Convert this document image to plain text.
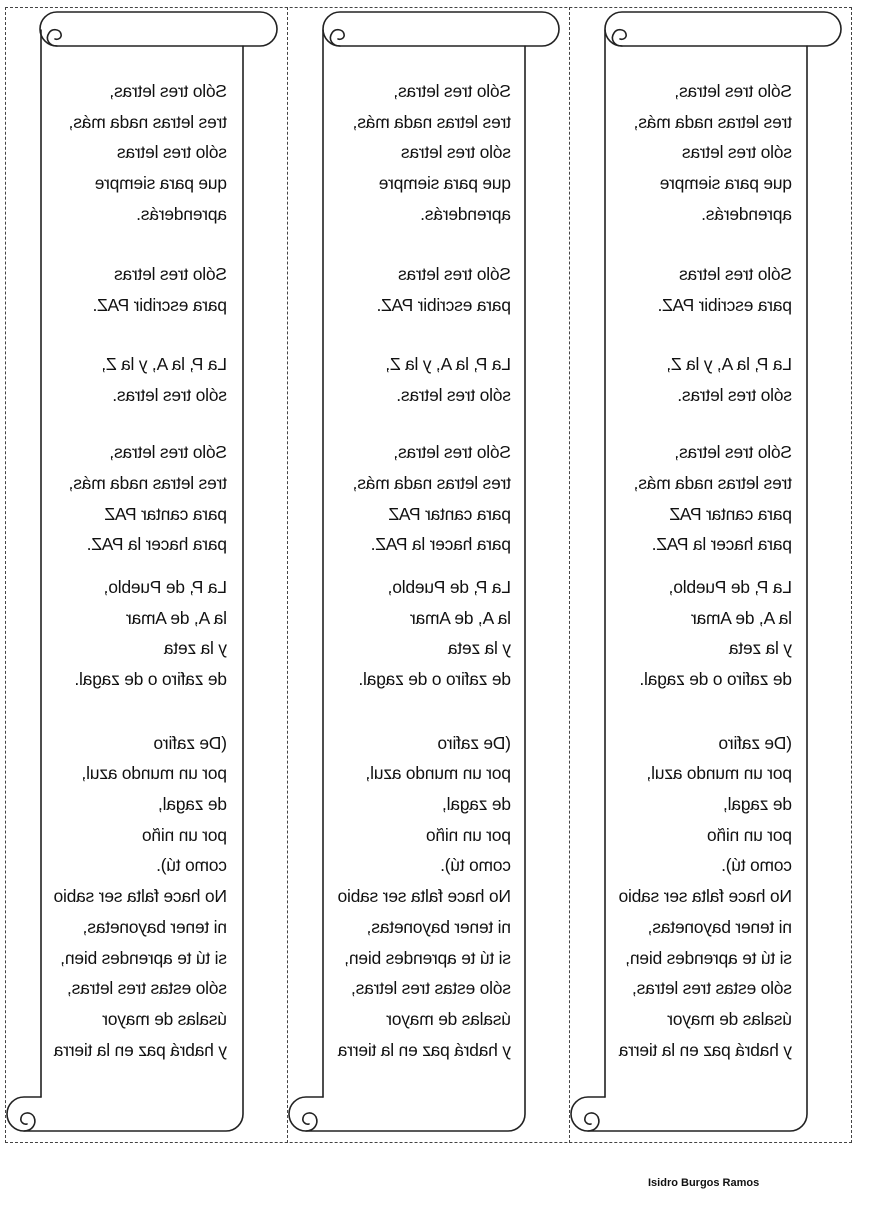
Sólo tres letras,
tres letras nada más,
sólo tres letras
que para siempre
aprenderás.
Sólo tres letras
para escribir PAZ.
La P, la A, y la Z,
sólo tres letras.
Sólo tres letras,
tres letras nada más,
para cantar PAZ
para hacer la PAZ.
La P, de Pueblo,
la A, de Amar
y la zeta
de zafiro o de zagal.
(De zafiro
por un mundo azul,
de zagal,
por un niño
como tú).
No hace falta ser sabio
ni tener bayonetas,
si tú te aprendes bien,
sólo estas tres letras,
úsalas de mayor
y habrá paz en la tierra
Sólo tres letras,
tres letras nada más,
sólo tres letras
que para siempre
aprenderás.
Sólo tres letras
para escribir PAZ.
La P, la A, y la Z,
sólo tres letras.
Sólo tres letras,
tres letras nada más,
para cantar PAZ
para hacer la PAZ.
La P, de Pueblo,
la A, de Amar
y la zeta
de zafiro o de zagal.
(De zafiro
por un mundo azul,
de zagal,
por un niño
como tú).
No hace falta ser sabio
ni tener bayonetas,
si tú te aprendes bien,
sólo estas tres letras,
úsalas de mayor
y habrá paz en la tierra
Sólo tres letras,
tres letras nada más,
sólo tres letras
que para siempre
aprenderás.
Sólo tres letras
para escribir PAZ.
La P, la A, y la Z,
sólo tres letras.
Sólo tres letras,
tres letras nada más,
para cantar PAZ
para hacer la PAZ.
La P, de Pueblo,
la A, de Amar
y la zeta
de zafiro o de zagal.
(De zafiro
por un mundo azul,
de zagal,
por un niño
como tú).
No hace falta ser sabio
ni tener bayonetas,
si tú te aprendes bien,
sólo estas tres letras,
úsalas de mayor
y habrá paz en la tierra
Isidro Burgos Ramos
